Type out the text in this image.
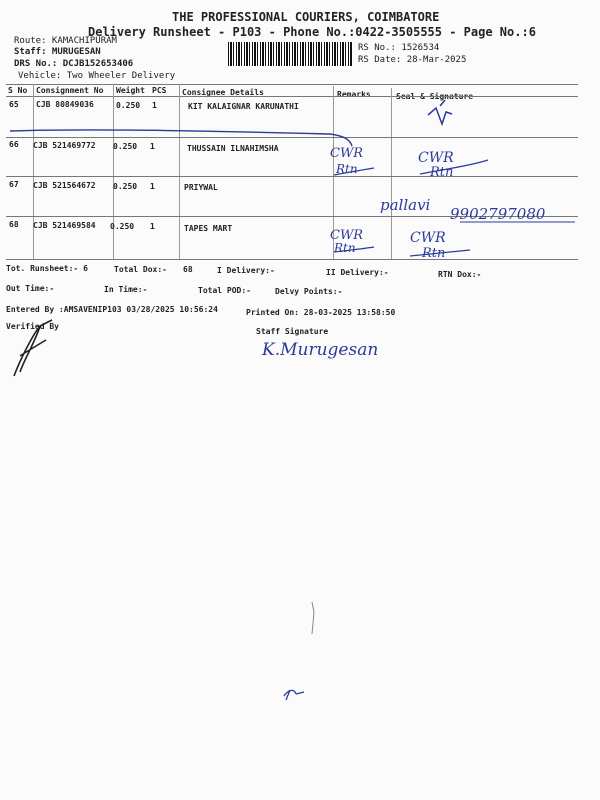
THE PROFESSIONAL COURIERS, COIMBATORE
Delivery Runsheet - P103 - Phone No.:0422-3505555 - Page No.:6
Route: KAMACHIPURAM
Staff: MURUGESAN
DRS No.: DCJB152653406
Vehicle: Two Wheeler Delivery
RS No.: 1526534
RS Date: 28-Mar-2025
S No Consignment No Weight PCS Consignee Details	Remarks	Seal & Signature
65 CJB 80849036	0.250 1	KIT KALAIGNAR KARUNATHI
66 CJB 521469772 0.250 1	THUSSAIN ILNAHIMSHA
67 CJB 521564672 0.250 1	PRIYWAL
68 CJB 521469584 0.250 1	TAPES MART
Tot. Runsheet:- 6	Total Dox:- 68	I Delivery:-	II Delivery:-	RTN Dox:-
Out Time:-	In Time:-	Total POD:-	Delvy Points:-
Entered By :AMSAVENIP103 03/28/2025 10:56:24	Printed On: 28-03-2025 13:58:50
Verified By
Staff Signature
CWR
Rtn
CWR
Rtn
pallavi 9902797080
CWR
Rtn
CWR
Rtn
K.Murugesan
